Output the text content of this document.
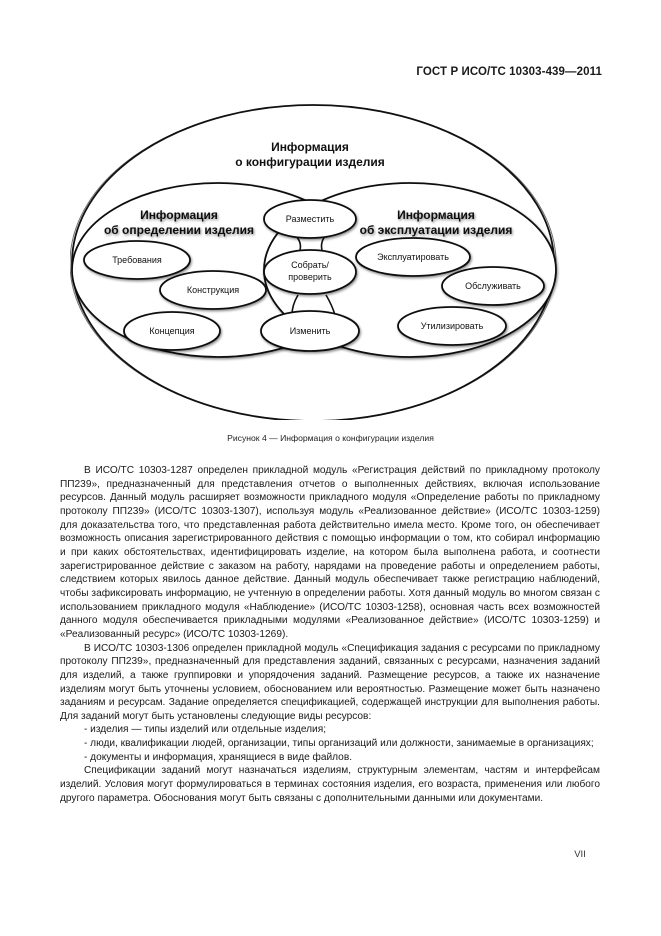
ГОСТ Р ИСО/ТС 10303-439—2011
Разместить
Собрать/
проверить
Изменить
Информация
о конфигурации изделия
Информация
об определении изделия
Информация
об эксплуатации изделия
Требования
Конструкция
Концепция
Эксплуатировать
Обслуживать
Утилизировать
Рисунок 4 — Информация о конфигурации изделия

В ИСО/ТС 10303-1287 определен прикладной модуль «Регистрация действий по прикладному протоколу ПП239», предназначенный для представления отчетов о выполненных действиях, включая использование ресурсов. Данный модуль расширяет возможности прикладного модуля «Определение работы по прикладному протоколу ПП239» (ИСО/ТС 10303-1307), используя модуль «Реализованное действие» (ИСО/ТС 10303-1259) для доказательства того, что представленная работа действительно имела место. Кроме того, он обеспечивает возможность описания зарегистрированного действия с помощью информации о том, кто собирал информацию и при каких обстоятельствах, идентифицировать изделие, на котором была выполнена работа, и соотнести зарегистрированное действие с заказом на работу, нарядами на проведение работы и определением работы, следствием которых явилось данное действие. Данный модуль обеспечивает также регистрацию наблюдений, чтобы зафиксировать информацию, не учтенную в определении работы. Хотя данный модуль во многом связан с использованием прикладного модуля «Наблюдение» (ИСО/ТС 10303-1258), основная часть всех возможностей данного модуля обеспечивается прикладными модулями «Реализованное действие» (ИСО/ТС 10303-1259) и «Реализованный ресурс» (ИСО/ТС 10303-1269).

В ИСО/ТС 10303-1306 определен прикладной модуль «Спецификация задания с ресурсами по прикладному протоколу ПП239», предназначенный для представления заданий, связанных с ресурсами, назначения заданий для изделий, а также группировки и упорядочения заданий. Размещение ресурсов, а также их назначение изделиям могут быть уточнены условием, обоснованием или вероятностью. Размещение может быть назначено заданиям и ресурсам. Задание определяется спецификацией, содержащей инструкции для выполнения работы. Для заданий могут быть установлены следующие виды ресурсов:

- изделия — типы изделий или отдельные изделия;

- люди, квалификации людей, организации, типы организаций или должности, занимаемые в организациях;

- документы и информация, хранящиеся в виде файлов.

Спецификации заданий могут назначаться изделиям, структурным элементам, частям и интерфейсам изделий. Условия могут формулироваться в терминах состояния изделия, его возраста, применения или любого другого параметра. Обоснования могут быть связаны с дополнительными данными или документами.

VII
